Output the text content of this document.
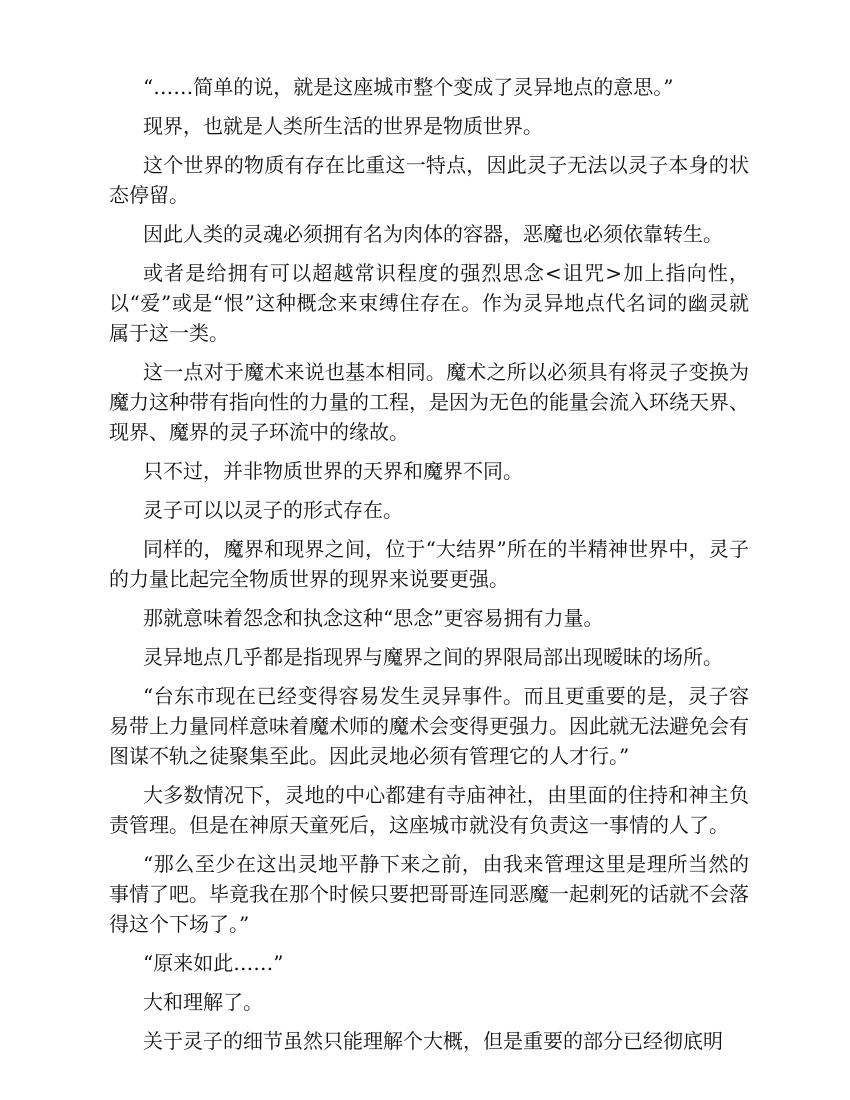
“……简单的说，就是这座城市整个变成了灵异地点的意思。”

现界，也就是人类所生活的世界是物质世界。

这个世界的物质有存在比重这一特点，因此灵子无法以灵子本身的状态停留。

因此人类的灵魂必须拥有名为肉体的容器，恶魔也必须依靠转生。

或者是给拥有可以超越常识程度的强烈思念<诅咒>加上指向性，以“爱”或是“恨”这种概念来束缚住存在。作为灵异地点代名词的幽灵就属于这一类。

这一点对于魔术来说也基本相同。魔术之所以必须具有将灵子变换为魔力这种带有指向性的力量的工程，是因为无色的能量会流入环绕天界、现界、魔界的灵子环流中的缘故。

只不过，并非物质世界的天界和魔界不同。

灵子可以以灵子的形式存在。

同样的，魔界和现界之间，位于“大结界”所在的半精神世界中，灵子的力量比起完全物质世界的现界来说要更强。

那就意味着怨念和执念这种“思念”更容易拥有力量。

灵异地点几乎都是指现界与魔界之间的界限局部出现暧昧的场所。

“台东市现在已经变得容易发生灵异事件。而且更重要的是，灵子容易带上力量同样意味着魔术师的魔术会变得更强力。因此就无法避免会有图谋不轨之徒聚集至此。因此灵地必须有管理它的人才行。”

大多数情况下，灵地的中心都建有寺庙神社，由里面的住持和神主负责管理。但是在神原天童死后，这座城市就没有负责这一事情的人了。

“那么至少在这出灵地平静下来之前，由我来管理这里是理所当然的事情了吧。毕竟我在那个时候只要把哥哥连同恶魔一起刺死的话就不会落得这个下场了。”

“原来如此……”

大和理解了。

关于灵子的细节虽然只能理解个大概，但是重要的部分已经彻底明
